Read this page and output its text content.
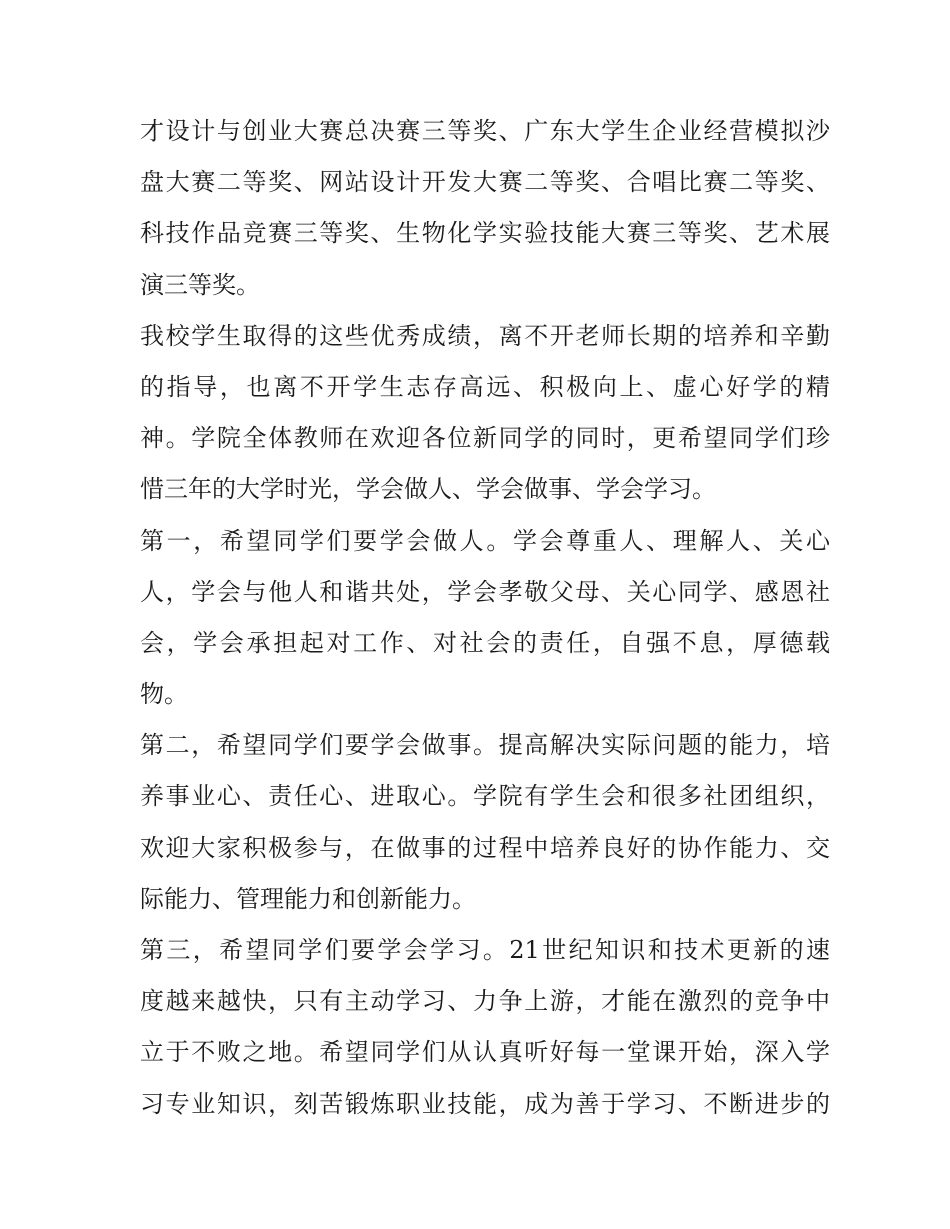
才设计与创业大赛总决赛三等奖、广东大学生企业经营模拟沙
盘大赛二等奖、网站设计开发大赛二等奖、合唱比赛二等奖、
科技作品竞赛三等奖、生物化学实验技能大赛三等奖、艺术展
演三等奖。
我校学生取得的这些优秀成绩，离不开老师长期的培养和辛勤
的指导，也离不开学生志存高远、积极向上、虚心好学的精
神。学院全体教师在欢迎各位新同学的同时，更希望同学们珍
惜三年的大学时光，学会做人、学会做事、学会学习。
第一，希望同学们要学会做人。学会尊重人、理解人、关心
人，学会与他人和谐共处，学会孝敬父母、关心同学、感恩社
会，学会承担起对工作、对社会的责任，自强不息，厚德载
物。
第二，希望同学们要学会做事。提高解决实际问题的能力，培
养事业心、责任心、进取心。学院有学生会和很多社团组织，
欢迎大家积极参与，在做事的过程中培养良好的协作能力、交
际能力、管理能力和创新能力。
第三，希望同学们要学会学习。21世纪知识和技术更新的速
度越来越快，只有主动学习、力争上游，才能在激烈的竞争中
立于不败之地。希望同学们从认真听好每一堂课开始，深入学
习专业知识，刻苦锻炼职业技能，成为善于学习、不断进步的
